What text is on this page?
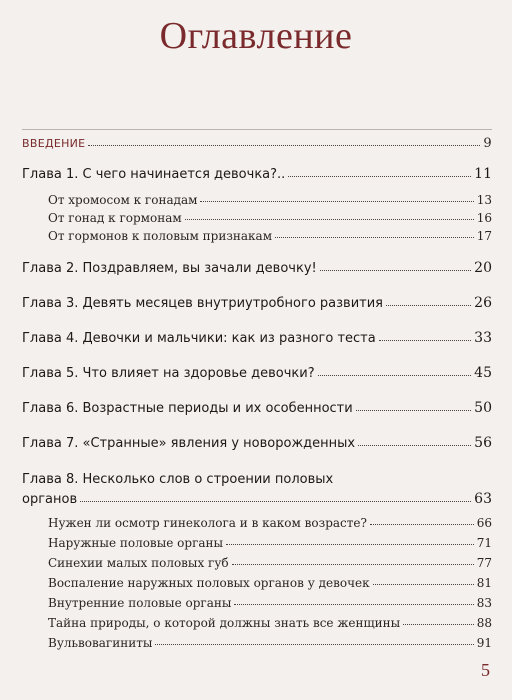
Оглавление
ВВЕДЕНИЕ	9
Глава 1. С чего начинается девочка?..	11
От хромосом к гонадам	13
От гонад к гормонам	16
От гормонов к половым признакам	17
Глава 2. Поздравляем, вы зачали девочку!	20
Глава 3. Девять месяцев внутриутробного развития	26
Глава 4. Девочки и мальчики: как из разного теста	33
Глава 5. Что влияет на здоровье девочки?	45
Глава 6. Возрастные периоды и их особенности	50
Глава 7. «Странные» явления у новорожденных	56
Глава 8. Несколько слов о строении половых
органов	63
Нужен ли осмотр гинеколога и в каком возрасте?	66
Наружные половые органы	71
Синехии малых половых губ	77
Воспаление наружных половых органов у девочек	81
Внутренние половые органы	83
Тайна природы, о которой должны знать все женщины	88
Вульвовагиниты	91
5
